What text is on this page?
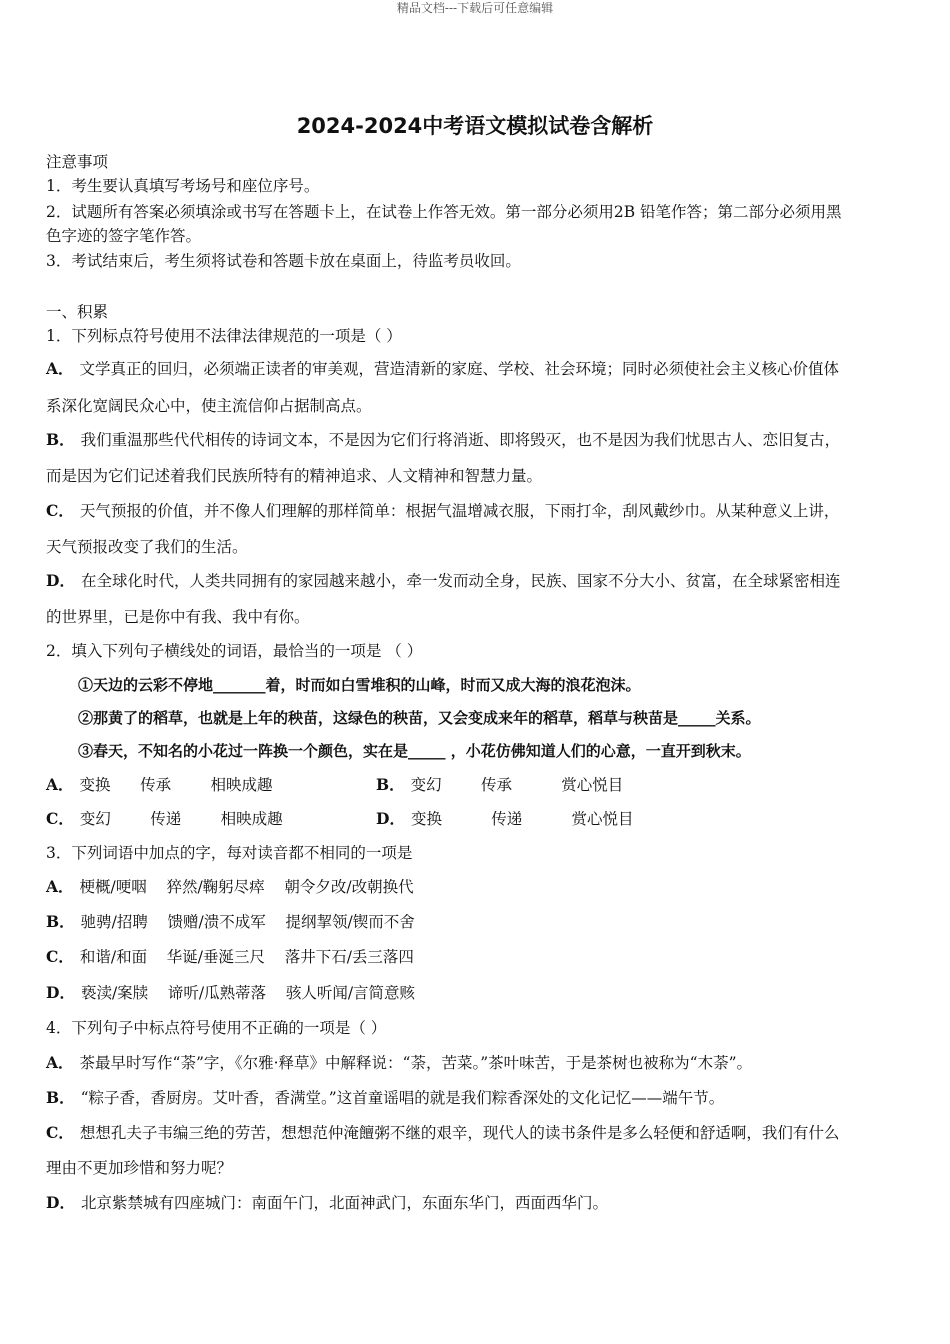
精品文档---下载后可任意编辑
2024-2024中考语文模拟试卷含解析
注意事项
1．考生要认真填写考场号和座位序号。
2．试题所有答案必须填涂或书写在答题卡上，在试卷上作答无效。第一部分必须用2B 铅笔作答；第二部分必须用黑
色字迹的签字笔作答。
3．考试结束后，考生须将试卷和答题卡放在桌面上，待监考员收回。
一、积累
1．下列标点符号使用不法律法律规范的一项是（ ）
A． 文学真正的回归，必须端正读者的审美观，营造清新的家庭、学校、社会环境；同时必须使社会主义核心价值体
系深化宽阔民众心中，使主流信仰占据制高点。
B． 我们重温那些代代相传的诗词文本，不是因为它们行将消逝、即将毁灭，也不是因为我们忧思古人、恋旧复古，
而是因为它们记述着我们民族所特有的精神追求、人文精神和智慧力量。
C． 天气预报的价值，并不像人们理解的那样简单：根据气温增减衣服，下雨打伞，刮风戴纱巾。从某种意义上讲，
天气预报改变了我们的生活。
D． 在全球化时代，人类共同拥有的家园越来越小，牵一发而动全身，民族、国家不分大小、贫富，在全球紧密相连
的世界里，已是你中有我、我中有你。
2．填入下列句子横线处的词语，最恰当的一项是 （ ）
①天边的云彩不停地_______着，时而如白雪堆积的山峰，时而又成大海的浪花泡沫。
②那黄了的稻草，也就是上年的秧苗，这绿色的秧苗，又会变成来年的稻草，稻草与秧苗是_____关系。
③春天，不知名的小花过一阵换一个颜色，实在是_____ ，小花仿佛知道人们的心意，一直开到秋末。
A． 变换      传承        相映成趣	B． 变幻        传承          赏心悦目
C． 变幻        传递        相映成趣	D． 变换          传递          赏心悦目
3．下列词语中加点的字，每对读音都不相同的一项是
A． 梗概/哽咽    猝然/鞠躬尽瘁    朝令夕改/改朝换代
B． 驰骋/招聘    馈赠/溃不成军    提纲挈领/锲而不舍
C． 和谐/和面    华诞/垂涎三尺    落井下石/丢三落四
D． 亵渎/案牍    谛听/瓜熟蒂落    骇人听闻/言简意赅
4．下列句子中标点符号使用不正确的一项是（ ）
A． 茶最早时写作“荼”字，《尔雅·释草》中解释说：“荼，苦菜。”茶叶味苦，于是茶树也被称为“木荼”。
B． “粽子香，香厨房。艾叶香，香满堂。”这首童谣唱的就是我们粽香深处的文化记忆——端午节。
C． 想想孔夫子韦编三绝的劳苦，想想范仲淹饘粥不继的艰辛，现代人的读书条件是多么轻便和舒适啊，我们有什么
理由不更加珍惜和努力呢？
D． 北京紫禁城有四座城门：南面午门，北面神武门，东面东华门，西面西华门。
